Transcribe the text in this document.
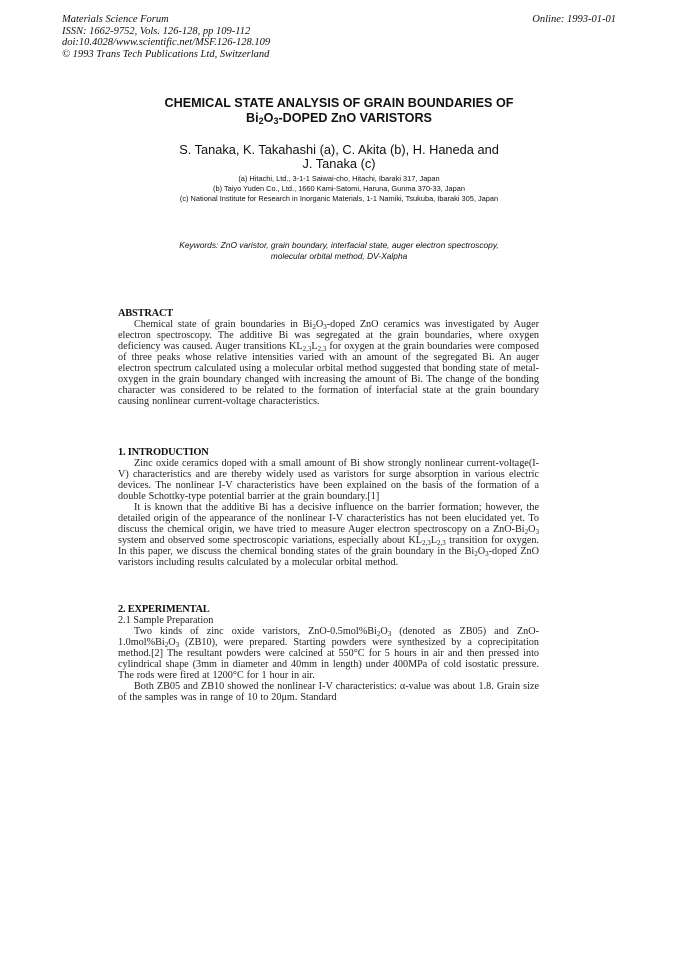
Materials Science Forum
ISSN: 1662-9752, Vols. 126-128, pp 109-112
doi:10.4028/www.scientific.net/MSF.126-128.109
© 1993 Trans Tech Publications Ltd, Switzerland
Online: 1993-01-01
CHEMICAL STATE ANALYSIS OF GRAIN BOUNDARIES OF
$Bi_2O_3$-DOPED ZnO VARISTORS
S. Tanaka, K. Takahashi (a), C. Akita (b), H. Haneda and
J. Tanaka (c)
(a) Hitachi, Ltd., 3-1-1 Saiwai-cho, Hitachi, Ibaraki 317, Japan
(b) Taiyo Yuden Co., Ltd., 1660 Kami-Satomi, Haruna, Gunma 370-33, Japan
(c) National Institute for Research in Inorganic Materials, 1-1 Namiki, Tsukuba, Ibaraki 305, Japan
Keywords: ZnO varistor, grain boundary, interfacial state, auger electron spectroscopy,
molecular orbital method, DV-Xalpha
ABSTRACT

Chemical state of grain boundaries in $Bi_2O_3$-doped ZnO ceramics was investigated by Auger electron spectroscopy. The additive Bi was segregated at the grain boundaries, where oxygen deficiency was caused. Auger transitions $KL_{2,3}L_{2,3}$ for oxygen at the grain boundaries were composed of three peaks whose relative intensities varied with an amount of the segregated Bi. An auger electron spectrum calculated using a molecular orbital method suggested that bonding state of metal-oxygen in the grain boundary changed with increasing the amount of Bi. The change of the bonding character was considered to be related to the formation of interfacial state at the grain boundary causing nonlinear current-voltage characteristics.

1. INTRODUCTION

Zinc oxide ceramics doped with a small amount of Bi show strongly nonlinear current-voltage(I-V) characteristics and are thereby widely used as varistors for surge absorption in various electric devices. The nonlinear I-V characteristics have been explained on the basis of the formation of a double Schottky-type potential barrier at the grain boundary.[1]

It is known that the additive Bi has a decisive influence on the barrier formation; however, the detailed origin of the appearance of the nonlinear I-V characteristics has not been elucidated yet. To discuss the chemical origin, we have tried to measure Auger electron spectroscopy on a ZnO-$Bi_2O_3$ system and observed some spectroscopic variations, especially about $KL_{2,3}L_{2,3}$ transition for oxygen. In this paper, we discuss the chemical bonding states of the grain boundary in the $Bi_2O_3$-doped ZnO varistors including results calculated by a molecular orbital method.

2. EXPERIMENTAL
2.1 Sample Preparation

Two kinds of zinc oxide varistors, ZnO-$0.5mol\%Bi_2O_3$ (denoted as ZB05) and ZnO-$1.0mol\%Bi_2O_3$ (ZB10), were prepared. Starting powders were synthesized by a coprecipitation method.[2] The resultant powders were calcined at 550°C for 5 hours in air and then pressed into cylindrical shape (3mm in diameter and 40mm in length) under 400MPa of cold isostatic pressure. The rods were fired at 1200°C for 1 hour in air.

Both ZB05 and ZB10 showed the nonlinear I-V characteristics: α-value was about 1.8. Grain size of the samples was in range of 10 to 20μm. Standard
